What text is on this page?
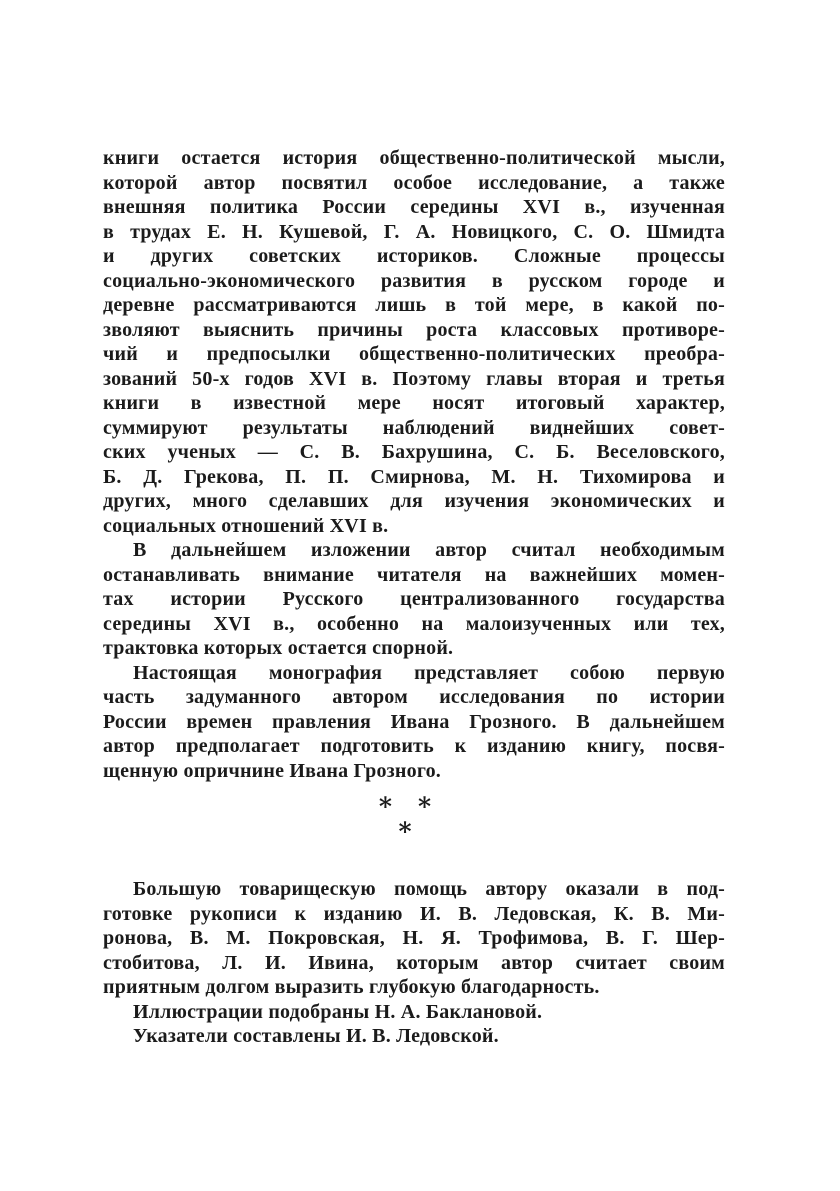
книги остается история общественно-политической мысли,
которой автор посвятил особое исследование, а также
внешняя политика России середины XVI в., изученная
в трудах Е. Н. Кушевой, Г. А. Новицкого, С. О. Шмидта
и других советских историков. Сложные процессы
социально-экономического развития в русском городе и
деревне рассматриваются лишь в той мере, в какой по-
зволяют выяснить причины роста классовых противоре-
чий и предпосылки общественно-политических преобра-
зований 50-х годов XVI в. Поэтому главы вторая и третья
книги в известной мере носят итоговый характер,
суммируют результаты наблюдений виднейших совет-
ских ученых — С. В. Бахрушина, С. Б. Веселовского,
Б. Д. Грекова, П. П. Смирнова, М. Н. Тихомирова и
других, много сделавших для изучения экономических и
социальных отношений XVI в.
В дальнейшем изложении автор считал необходимым
останавливать внимание читателя на важнейших момен-
тах истории Русского централизованного государства
середины XVI в., особенно на малоизученных или тех,
трактовка которых остается спорной.
Настоящая монография представляет собою первую
часть задуманного автором исследования по истории
России времен правления Ивана Грозного. В дальнейшем
автор предполагает подготовить к изданию книгу, посвя-
щенную опричнине Ивана Грозного.
* *
*
Большую товарищескую помощь автору оказали в под-
готовке рукописи к изданию И. В. Ледовская, К. В. Ми-
ронова, В. М. Покровская, Н. Я. Трофимова, В. Г. Шер-
стобитова, Л. И. Ивина, которым автор считает своим
приятным долгом выразить глубокую благодарность.
Иллюстрации подобраны Н. А. Баклановой.
Указатели составлены И. В. Ледовской.
